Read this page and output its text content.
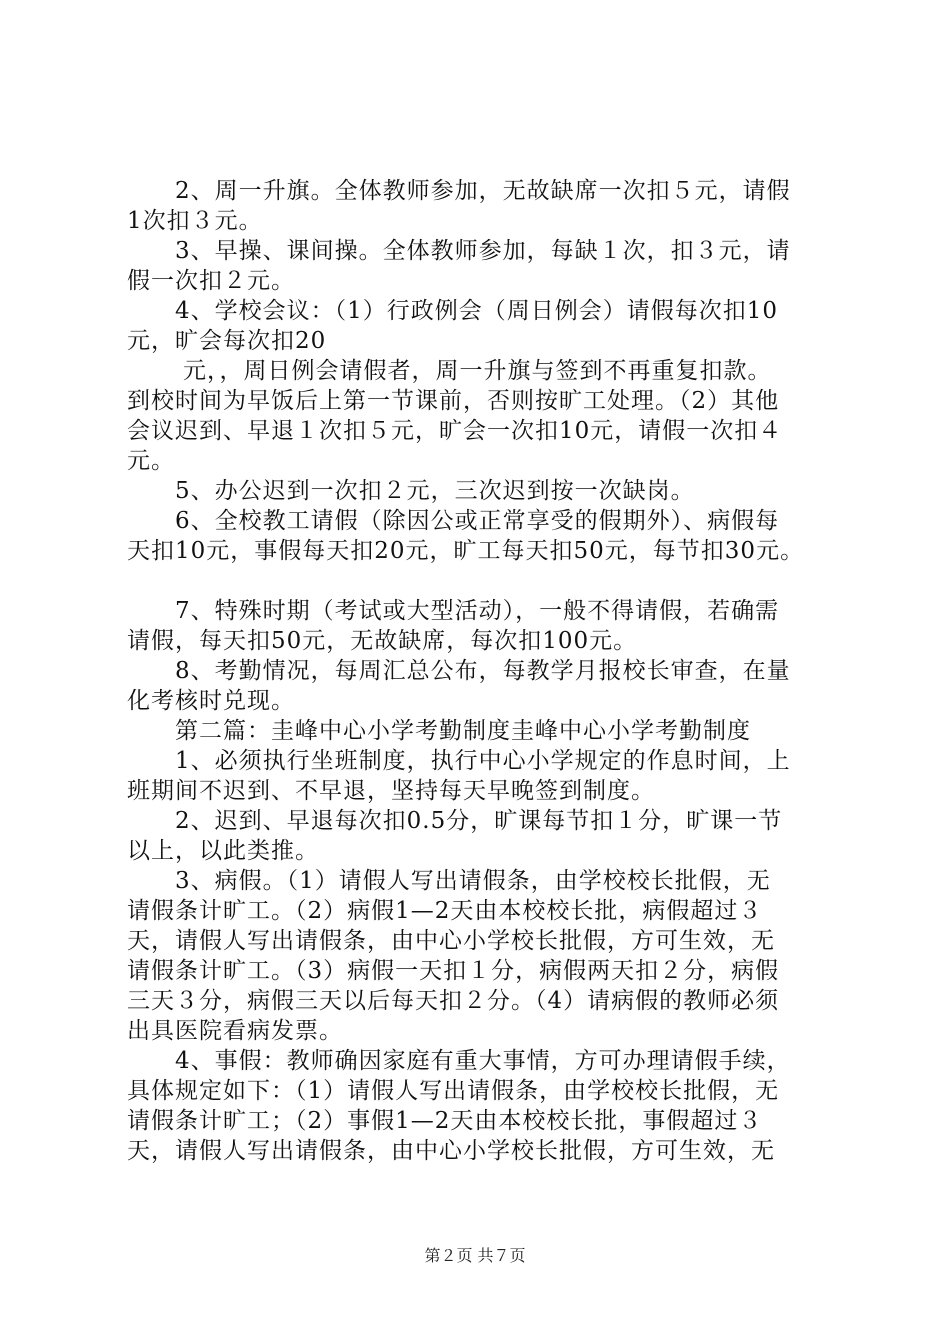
2、周一升旗。全体教师参加，无故缺席一次扣５元，请假
1次扣３元。
3、早操、课间操。全体教师参加，每缺１次，扣３元，请
假一次扣２元。
4、学校会议：（1）行政例会（周日例会）请假每次扣10
元，旷会每次扣20
元，，周日例会请假者，周一升旗与签到不再重复扣款。
到校时间为早饭后上第一节课前，否则按旷工处理。（2）其他
会议迟到、早退１次扣５元，旷会一次扣10元，请假一次扣４
元。
5、办公迟到一次扣２元，三次迟到按一次缺岗。
6、全校教工请假（除因公或正常享受的假期外）、病假每
天扣10元，事假每天扣20元，旷工每天扣50元，每节扣30元。
7、特殊时期（考试或大型活动），一般不得请假，若确需
请假，每天扣50元，无故缺席，每次扣100元。
8、考勤情况，每周汇总公布，每教学月报校长审查，在量
化考核时兑现。
第二篇：圭峰中心小学考勤制度圭峰中心小学考勤制度
1、必须执行坐班制度，执行中心小学规定的作息时间，上
班期间不迟到、不早退，坚持每天早晚签到制度。
2、迟到、早退每次扣0.5分，旷课每节扣１分，旷课一节
以上，以此类推。
3、病假。（1）请假人写出请假条，由学校校长批假，无
请假条计旷工。（2）病假1—2天由本校校长批，病假超过３
天，请假人写出请假条，由中心小学校长批假，方可生效，无
请假条计旷工。（3）病假一天扣１分，病假两天扣２分，病假
三天３分，病假三天以后每天扣２分。（4）请病假的教师必须
出具医院看病发票。
4、事假：教师确因家庭有重大事情，方可办理请假手续，
具体规定如下：（1）请假人写出请假条，由学校校长批假，无
请假条计旷工；（2）事假1—2天由本校校长批，事假超过３
天，请假人写出请假条，由中心小学校长批假，方可生效，无
第２页 共７页
